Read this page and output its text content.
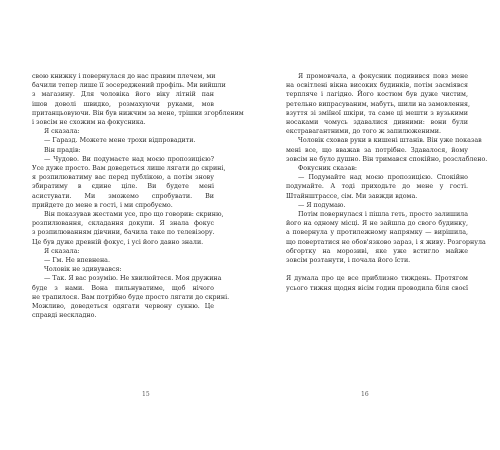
свою книжку і повернулася до нас правим плечем, ми
бачили тепер лише її зосереджений профіль. Ми вийшли
з магазину. Для чоловіка його віку літній пан
ішов доволі швидко, розмахуючи руками, мов
пританцьовуючи. Він був нижчим за мене, трішки згорбленим
і зовсім не схожим на фокусника.
Я сказала:
— Гаразд. Можете мене трохи відпровадити.
Він прадів:
— Чудово. Ви подумаєте над моєю пропозицією?
Усе дуже просто. Вам доведеться лише лягати до скрині,
я розпилюватиму вас перед публікою, а потім знову
збиратиму в єдине ціле. Ви будете мені
асистувати. Ми зможемо спробувати. Ви
прийдете до мене в гості, і ми спробуємо.
Він показував жестами усе, про що говорив: скриню,
розпилювання, складання докупи. Я знала фокус
з розпилюванням дівчини, бачила таке по телевізору.
Це був дуже древній фокус, і усі його давно знали.
Я сказала:
— Гм. Не впевнена.
Чоловік не здивувався:
— Так. Я вас розумію. Не хвилюйтеся. Моя дружина
буде з нами. Вона пильнуватиме, щоб нічого
не трапилося. Вам потрібно буде просто лягати до скрині.
Можливо, доведеться одягати червону сукню. Це
справді нескладно.
15
Я промовчала, а фокусник подивився повз мене
на освітлені вікна високих будинків, потім засміявся
терпляче і лагідно. Його костюм був дуже чистим,
ретельно випрасуваним, мабуть, шили на замовлення,
взуття зі зміїної шкіри, та саме ці мешти з вузькими
носаками чомусь здавалися дивними: вони були
екстравагантними, до того ж запилюженими.
Чоловік сховав руки в кишені штанів. Він уже показав
мені все, що вважав за потрібне. Здавалося, йому
зовсім не було душно. Він тримався спокійно, розслаблено.
Фокусник сказав:
— Подумайте над моєю пропозицією. Спокійно
подумайте. А тоді приходьте до мене у гості.
Штайнштрассе, сім. Ми завжди вдома.
— Я подумаю.
Потім повернулася і пішла геть, просто залишила
його на одному місці. Я не зайшла до свого будинку,
а повернула у протилежному напрямку — вирішила,
що повертатися не обов'язково зараз, і я живу. Розгорнула
обгортку на морозиві, яке уже встигло майже
зовсім розтанути, і почала його їсти.
Я думала про це все приблизно тиждень. Протягом
усього тижня щодня вісім годин проводила біля своєї
16
